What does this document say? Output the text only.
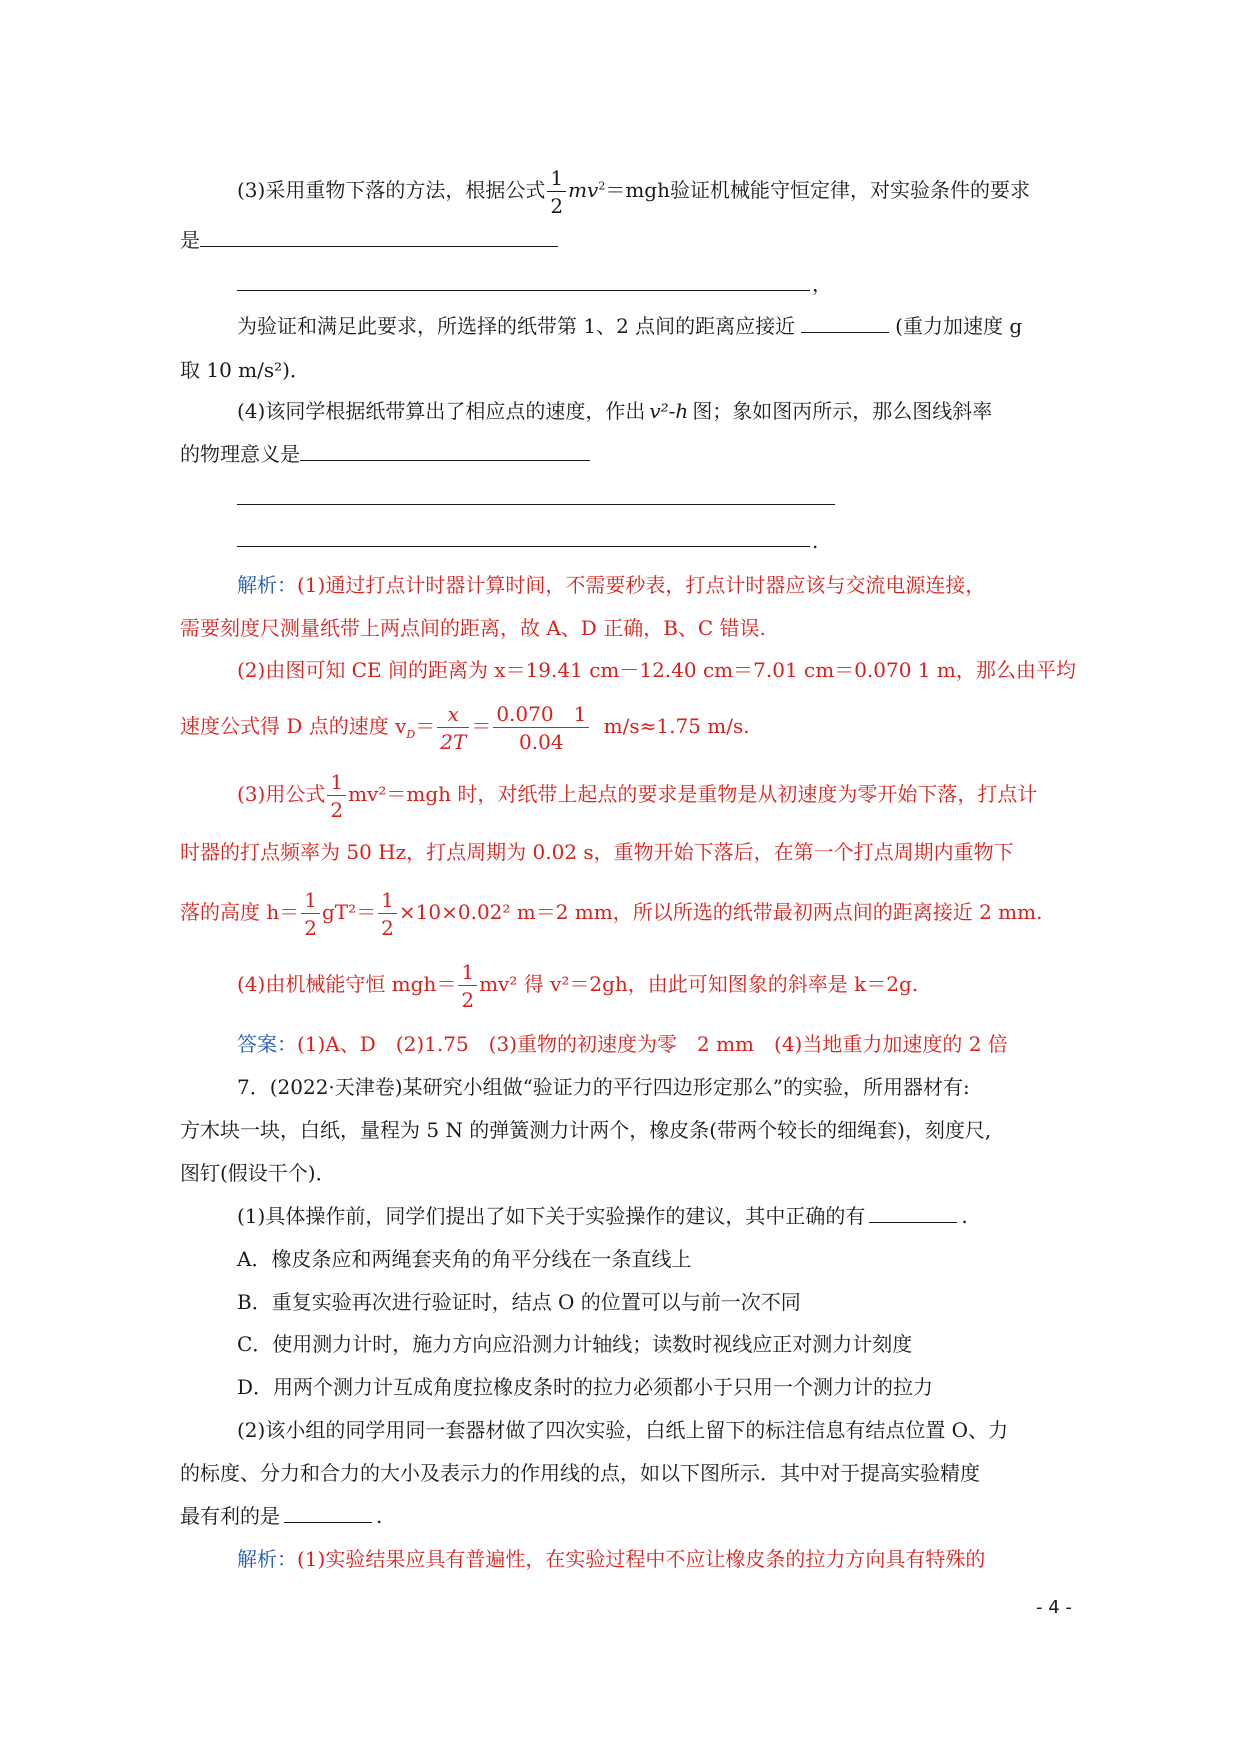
(3)采用重物下落的方法，根据公式 $\frac{1}{2} mv^2=mgh$验证机械能守恒定律，对实验条件的要求
是
，
为验证和满足此要求，所选择的纸带第 1、2 点间的距离应接近	(重力加速度 g
取 10 m/s²)．
(4)该同学根据纸带算出了相应点的速度，作出 v²-h 图；象如图丙所示，那么图线斜率
的物理意义是
.
解析：(1)通过打点计时器计算时间，不需要秒表，打点计时器应该与交流电源连接，
需要刻度尺测量纸带上两点间的距离，故 A、D 正确，B、C 错误.
(2)由图可知 CE 间的距离为 x＝19.41 cm－12.40 cm＝7.01 cm＝0.070 1 m，那么由平均
速度公式得 D 点的速度 $v_D= \frac{x}{2T} = \frac{0.070 1}{0.04} m/s\approx 1.75$ m/s.
(3)用公式 $\frac{1}{2} mv^2=mgh$ 时，对纸带上起点的要求是重物是从初速度为零开始下落，打点计
时器的打点频率为 50 Hz，打点周期为 0.02 s，重物开始下落后，在第一个打点周期内重物下
落的高度 $h= \frac{1}{2} gT^2= \frac{1}{2} \times 10\times 0.02^2$ m＝2 mm，所以所选的纸带最初两点间的距离接近 2 mm.
(4)由机械能守恒 $mgh= \frac{1}{2} mv^2$ 得 v²＝2gh，由此可知图象的斜率是 k＝2g.
答案：(1)A、D　(2)1.75　(3)重物的初速度为零　2 mm　(4)当地重力加速度的 2 倍
7．(2022·天津卷)某研究小组做“验证力的平行四边形定那么”的实验，所用器材有:
方木块一块，白纸，量程为 5 N 的弹簧测力计两个，橡皮条(带两个较长的细绳套)，刻度尺,
图钉(假设干个)．
(1)具体操作前，同学们提出了如下关于实验操作的建议，其中正确的有	.
A．橡皮条应和两绳套夹角的角平分线在一条直线上
B．重复实验再次进行验证时，结点 O 的位置可以与前一次不同
C．使用测力计时，施力方向应沿测力计轴线；读数时视线应正对测力计刻度
D．用两个测力计互成角度拉橡皮条时的拉力必须都小于只用一个测力计的拉力
(2)该小组的同学用同一套器材做了四次实验，白纸上留下的标注信息有结点位置 O、力
的标度、分力和合力的大小及表示力的作用线的点，如以下图所示．其中对于提高实验精度
最有利的是	.
解析：(1)实验结果应具有普遍性，在实验过程中不应让橡皮条的拉力方向具有特殊的
- 4 -
